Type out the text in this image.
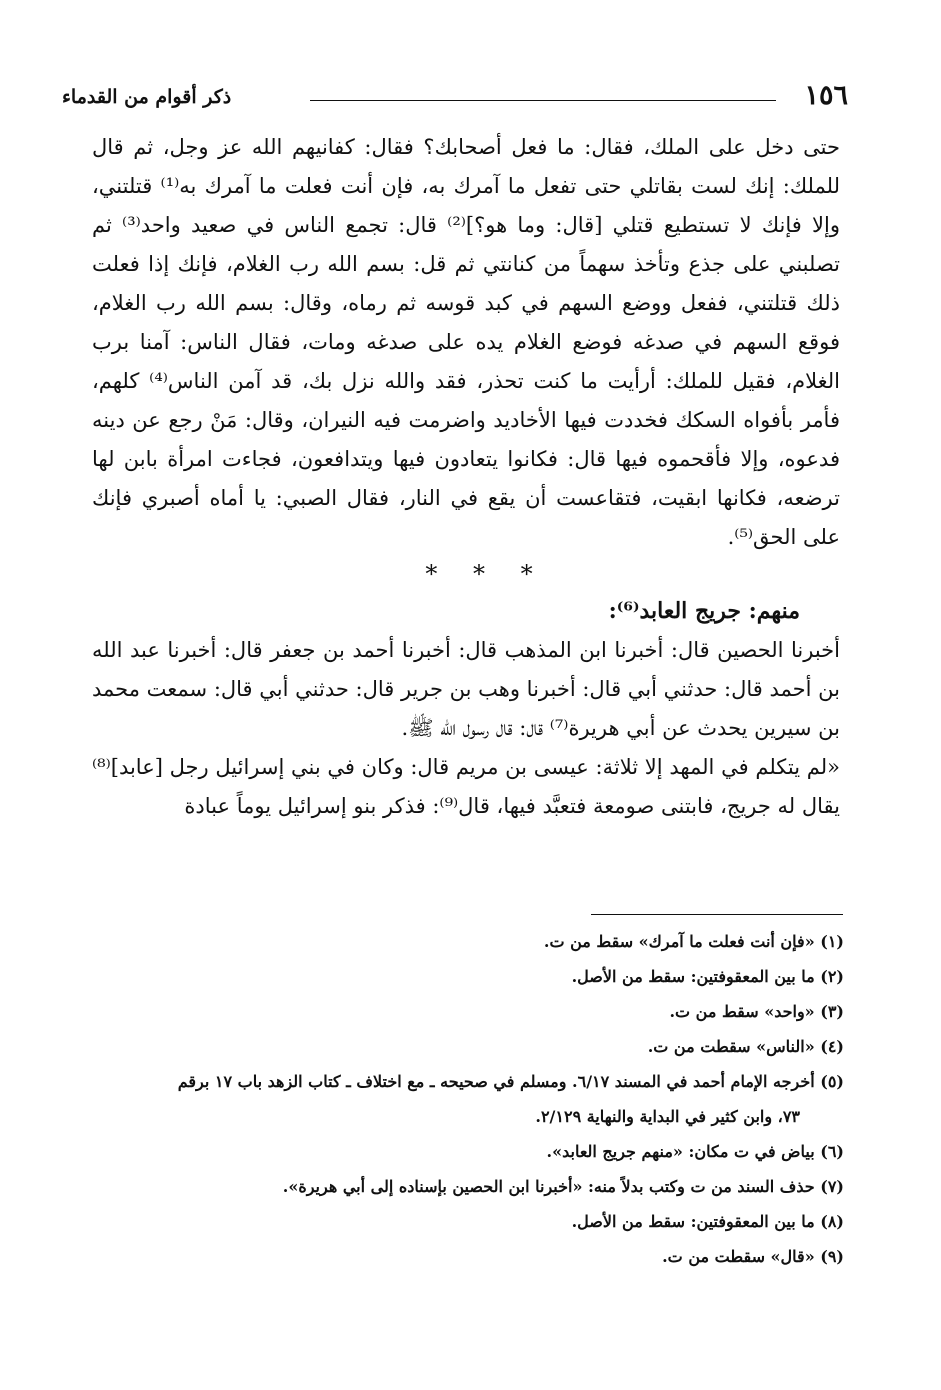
١٥٦
ذكر أقوام من القدماء

حتى دخل على الملك، فقال: ما فعل أصحابك؟ فقال: كفانيهم الله عز وجل، ثم قال للملك: إنك لست بقاتلي حتى تفعل ما آمرك به، فإن أنت فعلت ما آمرك به⁽¹⁾ قتلتني، وإلا فإنك لا تستطيع قتلي [قال: وما هو؟]⁽²⁾ قال: تجمع الناس في صعيد واحد⁽³⁾ ثم تصلبني على جذع وتأخذ سهماً من كنانتي ثم قل: بسم الله رب الغلام، فإنك إذا فعلت ذلك قتلتني، ففعل ووضع السهم في كبد قوسه ثم رماه، وقال: بسم الله رب الغلام، فوقع السهم في صدغه فوضع الغلام يده على صدغه ومات، فقال الناس: آمنا برب الغلام، فقيل للملك: أرأيت ما كنت تحذر، فقد والله نزل بك، قد آمن الناس⁽⁴⁾ كلهم، فأمر بأفواه السكك فخددت فيها الأخاديد واضرمت فيه النيران، وقال: مَنْ رجع عن دينه فدعوه، وإلا فأقحموه فيها قال: فكانوا يتعادون فيها ويتدافعون، فجاءت امرأة بابن لها ترضعه، فكانها ابقيت، فتقاعست أن يقع في النار، فقال الصبي: يا أماه أصبري فإنك على الحق⁽⁵⁾.

* * *

منهم: جريج العابد⁽⁶⁾:

أخبرنا الحصين قال: أخبرنا ابن المذهب قال: أخبرنا أحمد بن جعفر قال: أخبرنا عبد الله بن أحمد قال: حدثني أبي قال: أخبرنا وهب بن جرير قال: حدثني أبي قال: سمعت محمد بن سيرين يحدث عن أبي هريرة⁽⁷⁾ قال: قال رسول الله ﷺ.

«لم يتكلم في المهد إلا ثلاثة: عيسى بن مريم قال: وكان في بني إسرائيل رجل [عابد]⁽⁸⁾ يقال له جريج، فابتنى صومعة فتعبَّد فيها، قال⁽⁹⁾: فذكر بنو إسرائيل يوماً عبادة

(١) «فإن أنت فعلت ما آمرك» سقط من ت.

(٢) ما بين المعقوفتين: سقط من الأصل.

(٣) «واحد» سقط من ت.

(٤) «الناس» سقطت من ت.

(٥) أخرجه الإمام أحمد في المسند ٦/١٧. ومسلم في صحيحه ـ مع اختلاف ـ كتاب الزهد باب ١٧ برقم

٧٣، وابن كثير في البداية والنهاية ٢/١٢٩.

(٦) بياض في ت مكان: «منهم جريج العابد».

(٧) حذف السند من ت وكتب بدلاً منه: «أخبرنا ابن الحصين بإسناده إلى أبي هريرة».

(٨) ما بين المعقوفتين: سقط من الأصل.

(٩) «قال» سقطت من ت.
